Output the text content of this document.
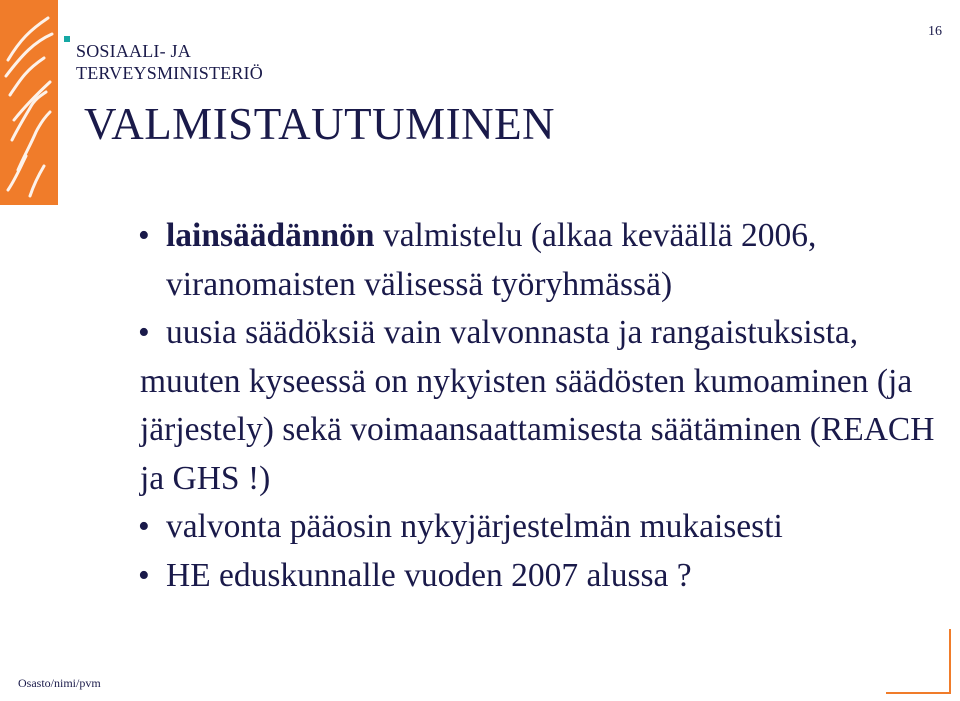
SOSIAALI- JA
TERVEYSMINISTERIÖ
16
VALMISTAUTUMINEN
• lainsäädännön valmistelu (alkaa keväällä 2006, viranomaisten välisessä työryhmässä)
• uusia säädöksiä vain valvonnasta ja rangaistuksista, muuten kyseessä on nykyisten säädösten kumoaminen (ja järjestely) sekä voimaansaattamisesta säätäminen (REACH ja GHS !)
• valvonta pääosin nykyjärjestelmän mukaisesti
• HE eduskunnalle vuoden 2007 alussa ?
Osasto/nimi/pvm
